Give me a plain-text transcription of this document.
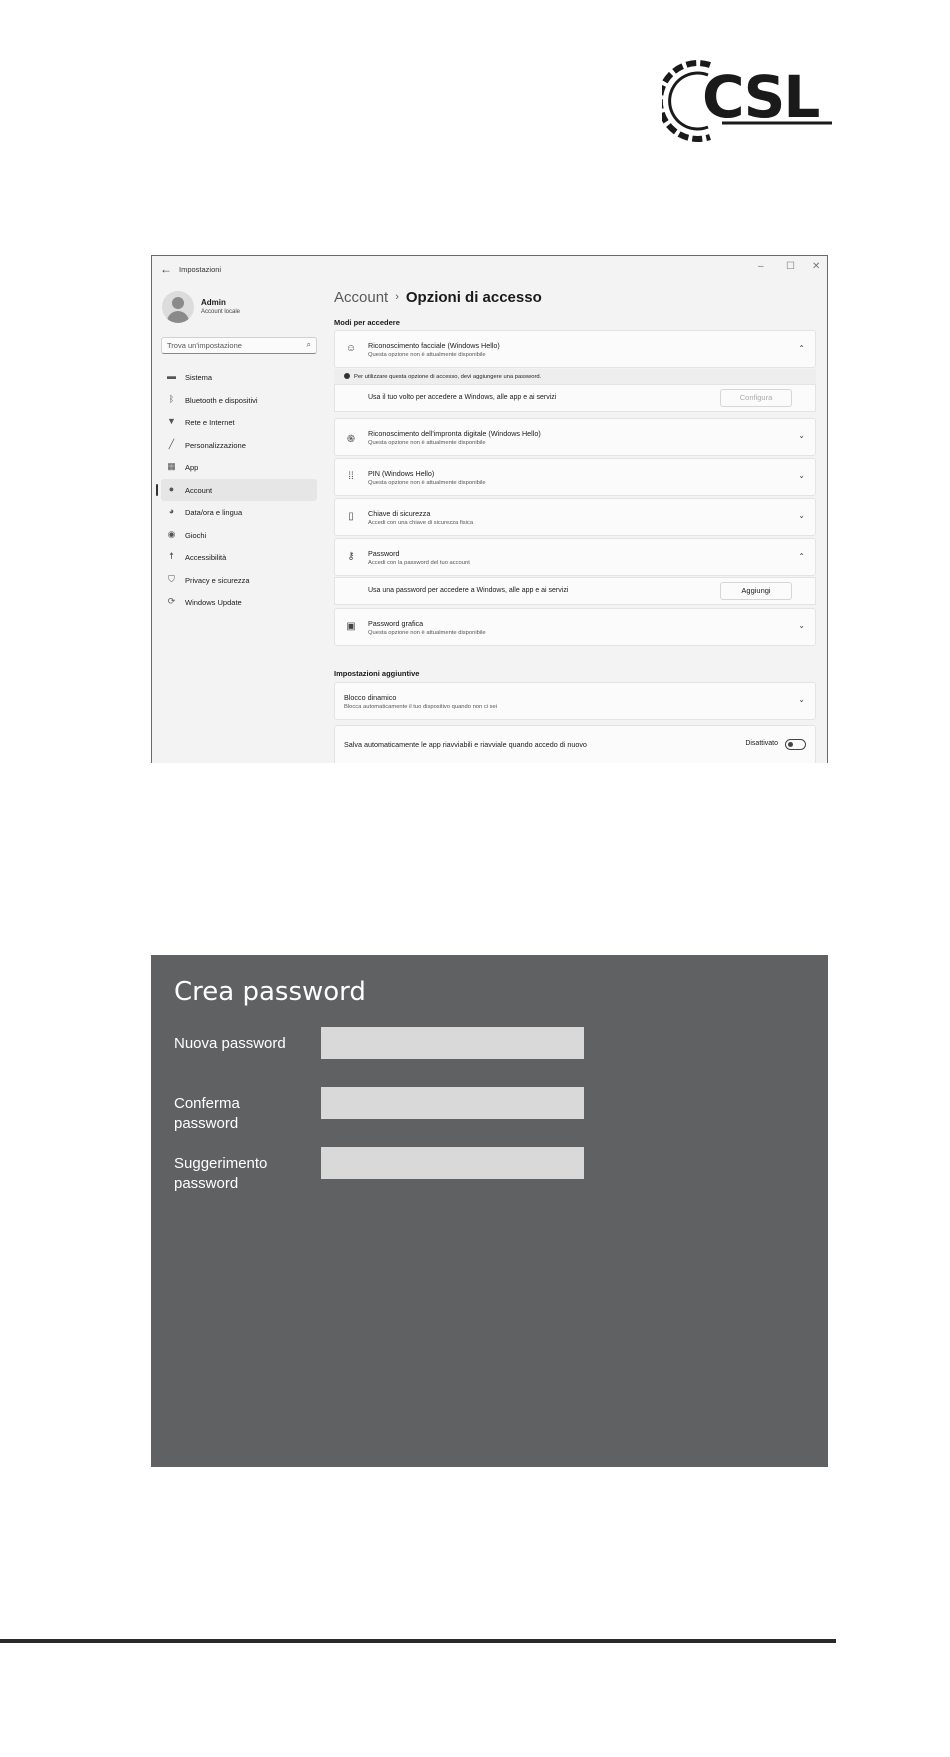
CSL
← Impostazioni	– ☐ ✕
Admin
Account locale
Trova un'impostazione	⌕
▬ Sistema
ᛒ	Bluetooth e dispositivi
▼ Rete e Internet
╱	Personalizzazione
▦ App
●	Account
◕	Data/ora e lingua
◉ Giochi
☨	Accessibilità
⛉ Privacy e sicurezza
⟳ Windows Update
Account › Opzioni di accesso
Modi per accedere
☺ Riconoscimento facciale (Windows Hello)
Questa opzione non è attualmente disponibile
⌃
Per utilizzare questa opzione di accesso, devi aggiungere una password.
Usa il tuo volto per accedere a Windows, alle app e ai servizi	Configura
֍
Riconoscimento dell'impronta digitale (Windows Hello)
Questa opzione non è attualmente disponibile
⌄
⁞⁞	PIN (Windows Hello)
Questa opzione non è attualmente disponibile
⌄
▯	Chiave di sicurezza
Accedi con una chiave di sicurezza fisica
⌄
⚷	Password
Accedi con la password del tuo account
⌃
Usa una password per accedere a Windows, alle app e ai servizi	Aggiungi
▣ Password grafica
Questa opzione non è attualmente disponibile
⌄
Impostazioni aggiuntive
Blocco dinamico
Blocca automaticamente il tuo dispositivo quando non ci sei
⌄
Salva automaticamente le app riavviabili e riavviale quando accedo di nuovo	Disattivato
Crea password
Nuova password
Conferma password
Suggerimento password
